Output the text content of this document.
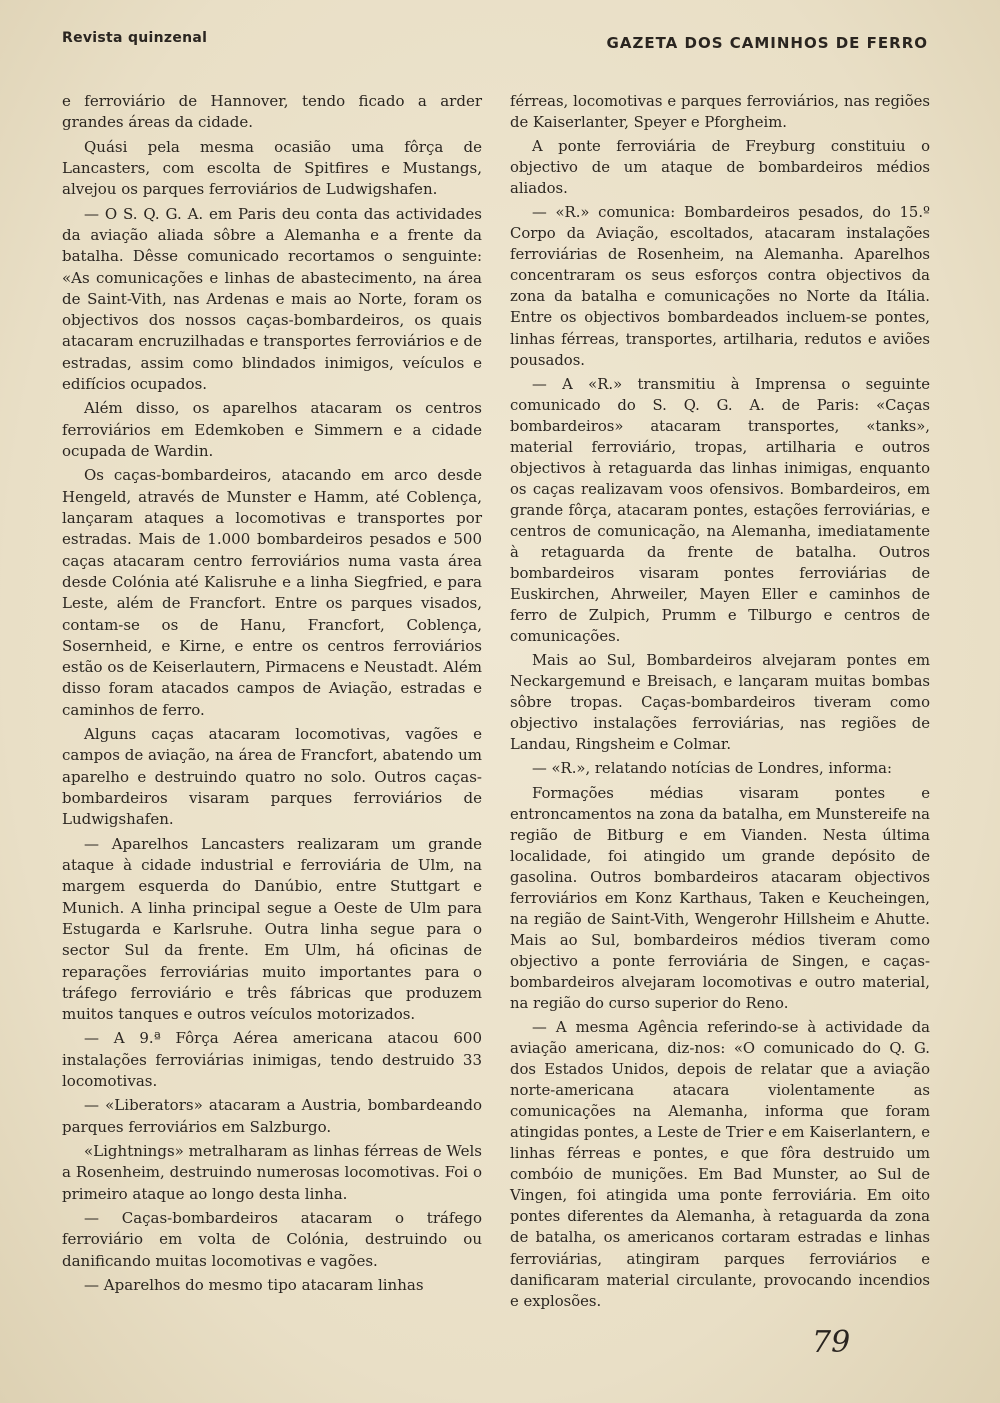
Revista quinzenal	GAZETA DOS CAMINHOS DE FERRO

e ferroviário de Hannover, tendo ficado a arder grandes áreas da cidade.

Quási pela mesma ocasião uma fôrça de Lancasters, com escolta de Spitfires e Mustangs, alvejou os parques ferroviários de Ludwigshafen.

— O S. Q. G. A. em Paris deu conta das actividades da aviação aliada sôbre a Alemanha e a frente da batalha. Dêsse comunicado recortamos o senguinte: «As comunicações e linhas de abastecimento, na área de Saint-Vith, nas Ardenas e mais ao Norte, foram os objectivos dos nossos caças-bombardeiros, os quais atacaram encruzilhadas e transportes ferroviários e de estradas, assim como blindados inimigos, veículos e edifícios ocupados.

Além disso, os aparelhos atacaram os centros ferroviários em Edemkoben e Simmern e a cidade ocupada de Wardin.

Os caças-bombardeiros, atacando em arco desde Hengeld, através de Munster e Hamm, até Coblença, lançaram ataques a locomotivas e transportes por estradas. Mais de 1.000 bombardeiros pesados e 500 caças atacaram centro ferroviários numa vasta área desde Colónia até Kalisruhe e a linha Siegfried, e para Leste, além de Francfort. Entre os parques visados, contam-se os de Hanu, Francfort, Coblença, Sosernheid, e Kirne, e entre os centros ferroviários estão os de Keiserlautern, Pirmacens e Neustadt. Além disso foram atacados campos de Aviação, estradas e caminhos de ferro.

Alguns caças atacaram locomotivas, vagões e campos de aviação, na área de Francfort, abatendo um aparelho e destruindo quatro no solo. Outros caças-bombardeiros visaram parques ferroviários de Ludwigshafen.

— Aparelhos Lancasters realizaram um grande ataque à cidade industrial e ferroviária de Ulm, na margem esquerda do Danúbio, entre Stuttgart e Munich. A linha principal segue a Oeste de Ulm para Estugarda e Karlsruhe. Outra linha segue para o sector Sul da frente. Em Ulm, há oficinas de reparações ferroviárias muito importantes para o tráfego ferroviário e três fábricas que produzem muitos tanques e outros veículos motorizados.

— A 9.ª Fôrça Aérea americana atacou 600 instalações ferroviárias inimigas, tendo destruido 33 locomotivas.

— «Liberators» atacaram a Austria, bombardeando parques ferroviários em Salzburgo.

«Lightnings» metralharam as linhas férreas de Wels a Rosenheim, destruindo numerosas locomotivas. Foi o primeiro ataque ao longo desta linha.

— Caças-bombardeiros atacaram o tráfego ferroviário em volta de Colónia, destruindo ou danificando muitas locomotivas e vagões.

— Aparelhos do mesmo tipo atacaram linhas

férreas, locomotivas e parques ferroviários, nas regiões de Kaiserlanter, Speyer e Pforgheim.

A ponte ferroviária de Freyburg constituiu o objectivo de um ataque de bombardeiros médios aliados.

— «R.» comunica: Bombardeiros pesados, do 15.º Corpo da Aviação, escoltados, atacaram instalações ferroviárias de Rosenheim, na Alemanha. Aparelhos concentraram os seus esforços contra objectivos da zona da batalha e comunicações no Norte da Itália. Entre os objectivos bombardeados incluem-se pontes, linhas férreas, transportes, artilharia, redutos e aviões pousados.

— A «R.» transmitiu à Imprensa o seguinte comunicado do S. Q. G. A. de Paris: «Caças bombardeiros» atacaram transportes, «tanks», material ferroviário, tropas, artilharia e outros objectivos à retaguarda das linhas inimigas, enquanto os caças realizavam voos ofensivos. Bombardeiros, em grande fôrça, atacaram pontes, estações ferroviárias, e centros de comunicação, na Alemanha, imediatamente à retaguarda da frente de batalha. Outros bombardeiros visaram pontes ferroviárias de Euskirchen, Ahrweiler, Mayen Eller e caminhos de ferro de Zulpich, Prumm e Tilburgo e centros de comunicações.

Mais ao Sul, Bombardeiros alvejaram pontes em Neckargemund e Breisach, e lançaram muitas bombas sôbre tropas. Caças-bombardeiros tiveram como objectivo instalações ferroviárias, nas regiões de Landau, Ringsheim e Colmar.

— «R.», relatando notícias de Londres, informa:

Formações médias visaram pontes e entroncamentos na zona da batalha, em Munstereife na região de Bitburg e em Vianden. Nesta última localidade, foi atingido um grande depósito de gasolina. Outros bombardeiros atacaram objectivos ferroviários em Konz Karthaus, Taken e Keucheingen, na região de Saint-Vith, Wengerohr Hillsheim e Ahutte. Mais ao Sul, bombardeiros médios tiveram como objectivo a ponte ferroviária de Singen, e caças-bombardeiros alvejaram locomotivas e outro material, na região do curso superior do Reno.

— A mesma Agência referindo-se à actividade da aviação americana, diz-nos: «O comunicado do Q. G. dos Estados Unidos, depois de relatar que a aviação norte-americana atacara violentamente as comunicações na Alemanha, informa que foram atingidas pontes, a Leste de Trier e em Kaiserlantern, e linhas férreas e pontes, e que fôra destruido um combóio de munições. Em Bad Munster, ao Sul de Vingen, foi atingida uma ponte ferroviária. Em oito pontes diferentes da Alemanha, à retaguarda da zona de batalha, os americanos cortaram estradas e linhas ferroviárias, atingiram parques ferroviários e danificaram material circulante, provocando incendios e explosões.

79
